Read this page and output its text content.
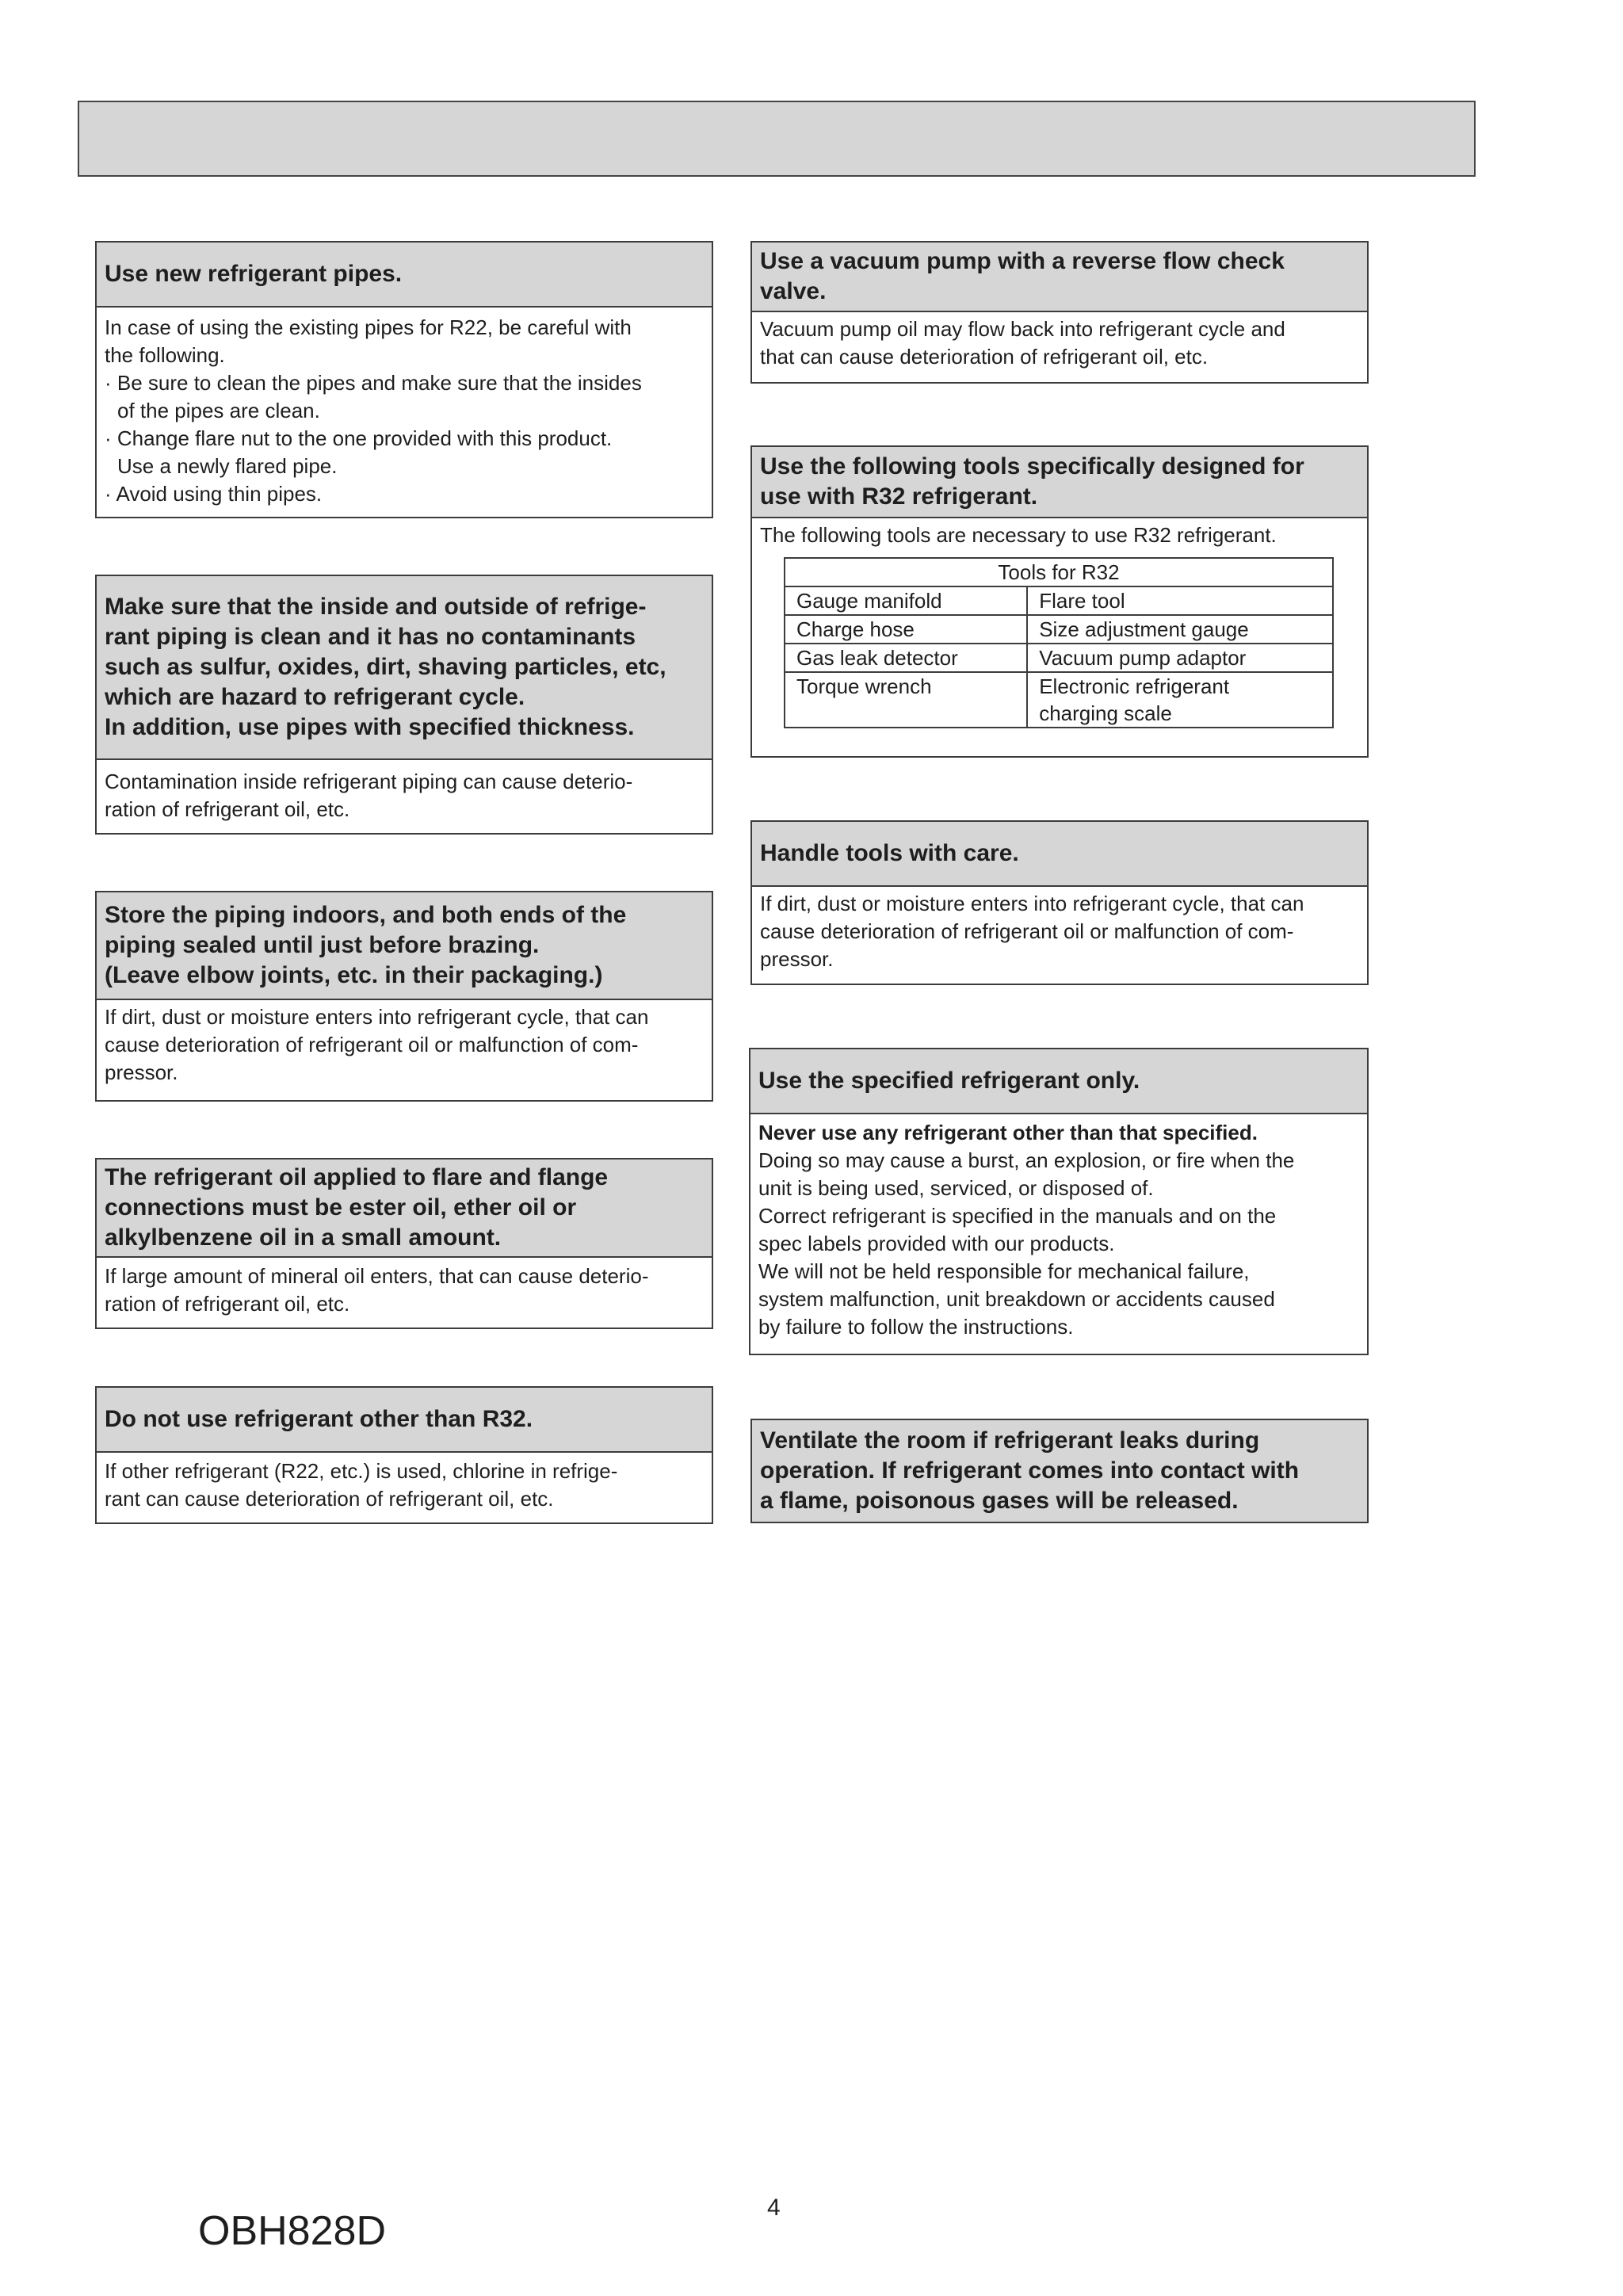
Use new refrigerant pipes.
In case of using the existing pipes for R22, be careful with
the following.
· Be sure to clean the pipes and make sure that the insides
of the pipes are clean.
· Change flare nut to the one provided with this product.
Use a newly flared pipe.
· Avoid using thin pipes.
Make sure that the inside and outside of refrige-
rant piping is clean and it has no contaminants
such as sulfur, oxides, dirt, shaving particles, etc,
which are hazard to refrigerant cycle.
In addition, use pipes with specified thickness.
Contamination inside refrigerant piping can cause deterio-
ration of refrigerant oil, etc.
Store the piping indoors, and both ends of the
piping sealed until just before brazing.
(Leave elbow joints, etc. in their packaging.)
If dirt, dust or moisture enters into refrigerant cycle, that can
cause deterioration of refrigerant oil or malfunction of com-
pressor.
The refrigerant oil applied to flare and flange
connections must be ester oil, ether oil or
alkylbenzene oil in a small amount.
If large amount of mineral oil enters, that can cause deterio-
ration of refrigerant oil, etc.
Do not use refrigerant other than R32.
If other refrigerant (R22, etc.) is used, chlorine in refrige-
rant can cause deterioration of refrigerant oil, etc.
Use a vacuum pump with a reverse flow check
valve.
Vacuum pump oil may flow back into refrigerant cycle and
that can cause deterioration of refrigerant oil, etc.
Use the following tools specifically designed for
use with R32 refrigerant.
The following tools are necessary to use R32 refrigerant.
Tools for R32	
Gauge manifold	Flare tool
Charge hose	Size adjustment gauge
Gas leak detector	Vacuum pump adaptor
Torque wrench	Electronic refrigerant
	charging scale
Handle tools with care.
If dirt, dust or moisture enters into refrigerant cycle, that can
cause deterioration of refrigerant oil or malfunction of com-
pressor.
Use the specified refrigerant only.
Never use any refrigerant other than that specified.
Doing so may cause a burst, an explosion, or fire when the
unit is being used, serviced, or disposed of.
Correct refrigerant is specified in the manuals and on the
spec labels provided with our products.
We will not be held responsible for mechanical failure,
system malfunction, unit breakdown or accidents caused
by failure to follow the instructions.
Ventilate the room if refrigerant leaks during
operation. If refrigerant comes into contact with
a flame, poisonous gases will be released.
OBH828D
4
